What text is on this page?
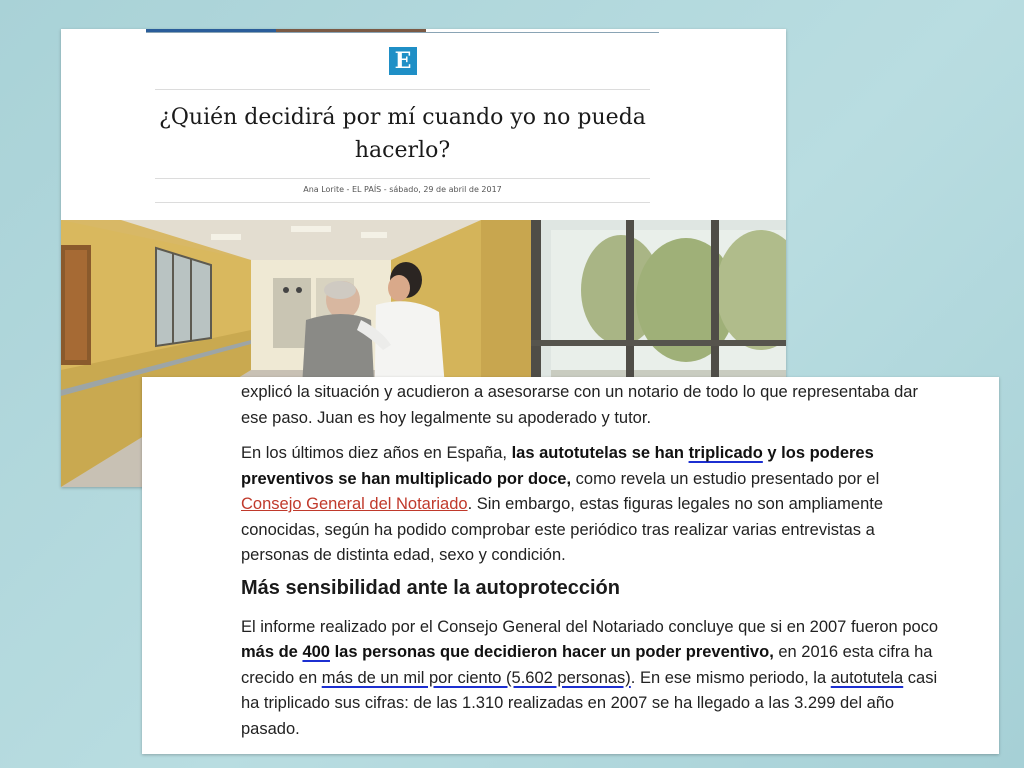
E
¿Quién decidirá por mí cuando yo no pueda hacerlo?
Ana Lorite - EL PAÍS - sábado, 29 de abril de 2017

explicó la situación y acudieron a asesorarse con un notario de todo lo que representaba dar ese paso. Juan es hoy legalmente su apoderado y tutor.

En los últimos diez años en España, las autotutelas se han triplicado y los poderes preventivos se han multiplicado por doce, como revela un estudio presentado por el Consejo General del Notariado. Sin embargo, estas figuras legales no son ampliamente conocidas, según ha podido comprobar este periódico tras realizar varias entrevistas a personas de distinta edad, sexo y condición.

Más sensibilidad ante la autoprotección

El informe realizado por el Consejo General del Notariado concluye que si en 2007 fueron poco más de 400 las personas que decidieron hacer un poder preventivo, en 2016 esta cifra ha crecido en más de un mil por ciento (5.602 personas). En ese mismo periodo, la autotutela casi ha triplicado sus cifras: de las 1.310 realizadas en 2007 se ha llegado a las 3.299 del año pasado.
